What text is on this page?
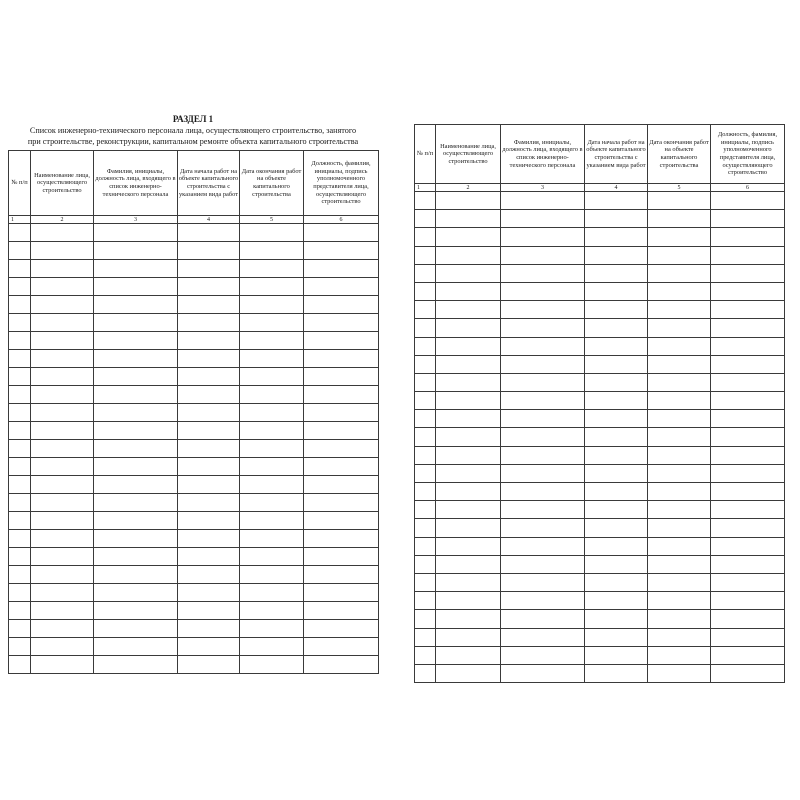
РАЗДЕЛ 1

Список инженерно-технического персонала лица, осуществляющего строительство, занятого

при строительстве, реконструкции, капитальном ремонте объекта капитального строительства

№ п/п	Наименование лица, осуществляющего строительство	Фамилия, инициалы, должность лица, входящего в список инженерно-технического персонала	Дата начала работ на объекте капитального строительства с указанием вида работ	Дата окончания работ на объекте капитального строительства	Должность, фамилия, инициалы, подпись уполномоченного представителя лица, осуществляющего строительство
1	2	3	4	5	6

№ п/п	Наименование лица, осуществляющего строительство	Фамилия, инициалы, должность лица, входящего в список инженерно-технического персонала	Дата начала работ на объекте капитального строительства с указанием вида работ	Дата окончания работ на объекте капитального строительства	Должность, фамилия, инициалы, подпись уполномоченного представителя лица, осуществляющего строительство
1	2	3	4	5	6
